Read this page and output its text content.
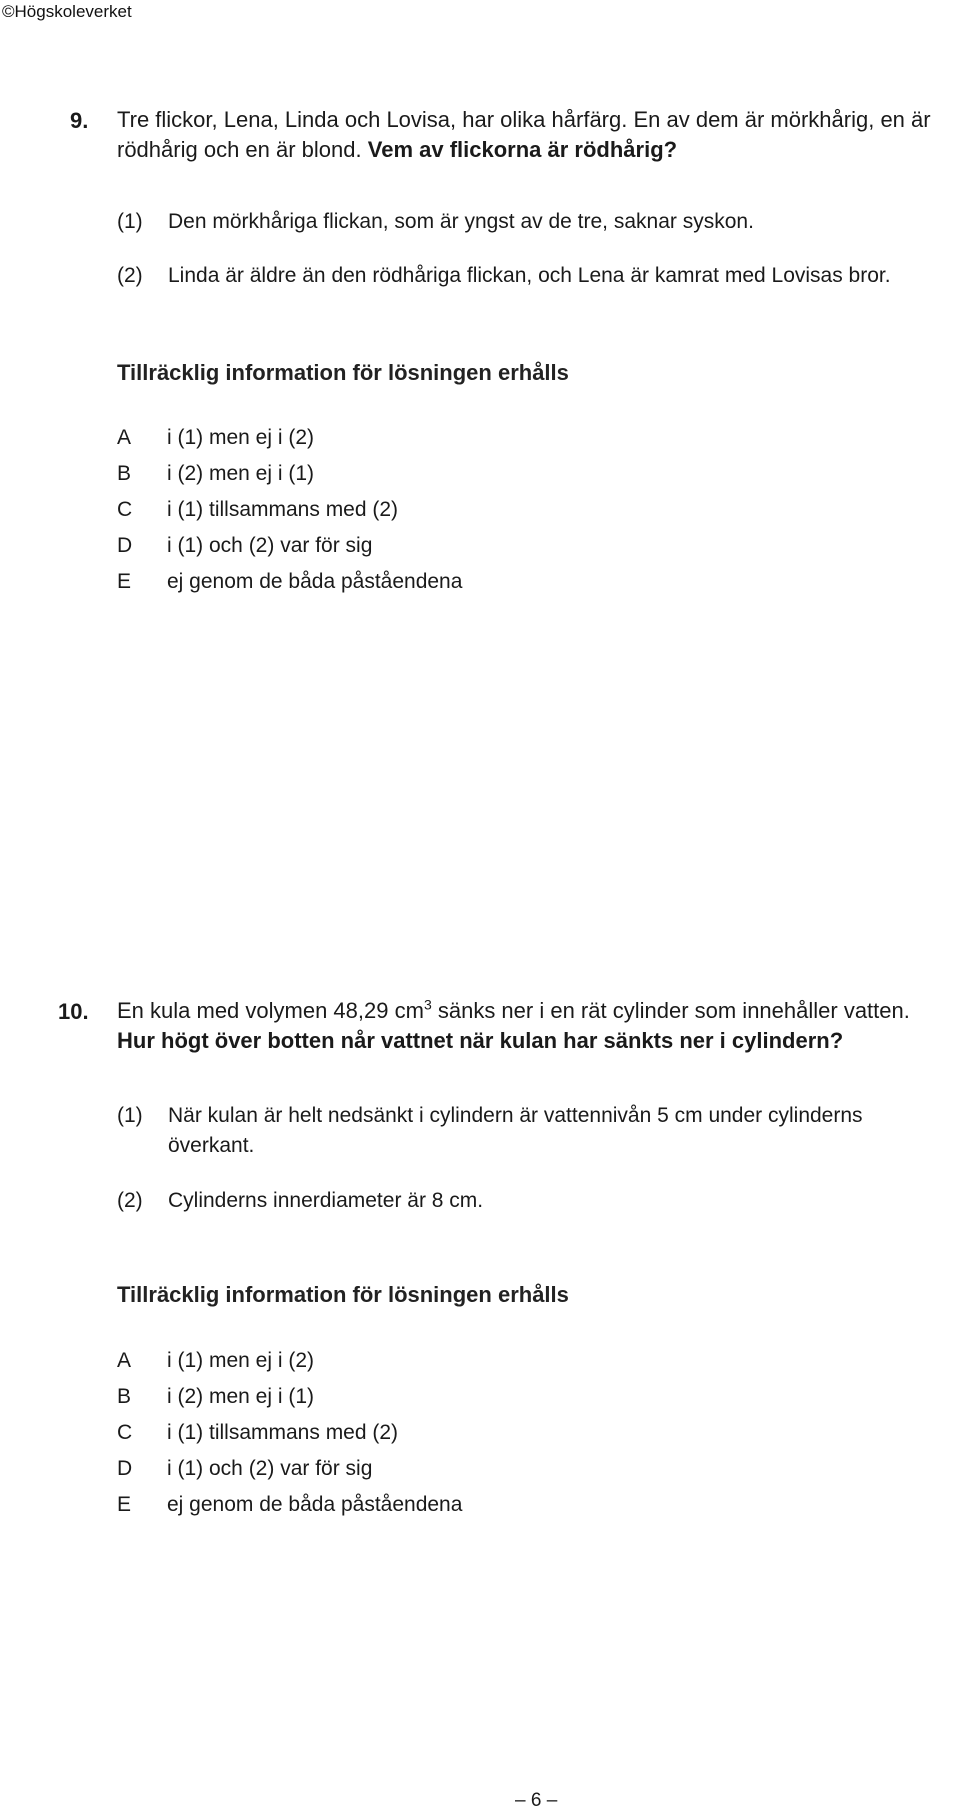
©Högskoleverket
9.	Tre flickor, Lena, Linda och Lovisa, har olika hårfärg. En av dem är mörkhårig, en är rödhårig och en är blond. Vem av flickorna är rödhårig?
(1) Den mörkhåriga flickan, som är yngst av de tre, saknar syskon.
(2) Linda är äldre än den rödhåriga flickan, och Lena är kamrat med Lovisas bror.
Tillräcklig information för lösningen erhålls
A i (1) men ej i (2)
B i (2) men ej i (1)
C i (1) tillsammans med (2)
D i (1) och (2) var för sig
E ej genom de båda påståendena
10.	En kula med volymen 48,29 $cm^3$ sänks ner i en rät cylinder som innehåller vatten. Hur högt över botten når vattnet när kulan har sänkts ner i cylindern?
(1) När kulan är helt nedsänkt i cylindern är vattennivån 5 cm under cylinderns överkant.
(2) Cylinderns innerdiameter är 8 cm.
Tillräcklig information för lösningen erhålls
A i (1) men ej i (2)
B i (2) men ej i (1)
C i (1) tillsammans med (2)
D i (1) och (2) var för sig
E ej genom de båda påståendena
– 6 –
